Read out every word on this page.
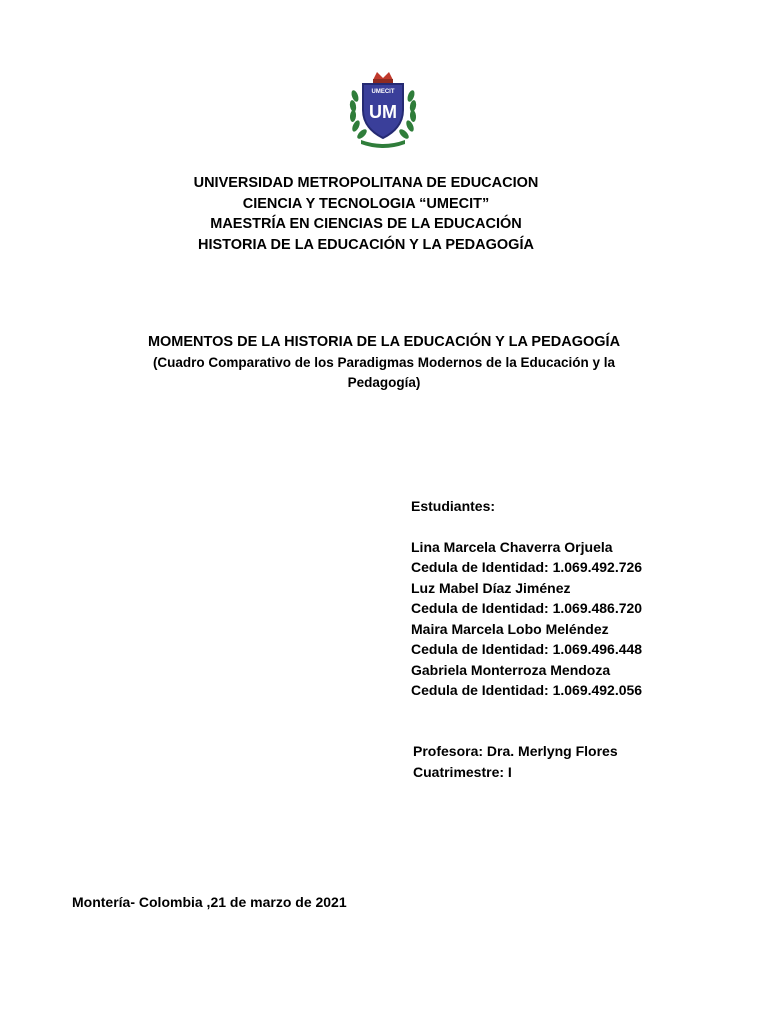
UMECIT
UM
UNIVERSIDAD METROPOLITANA DE EDUCACION
CIENCIA Y TECNOLOGIA “UMECIT”
MAESTRÍA EN CIENCIAS DE LA EDUCACIÓN
HISTORIA DE LA EDUCACIÓN Y LA PEDAGOGÍA
MOMENTOS DE LA HISTORIA DE LA EDUCACIÓN Y LA PEDAGOGÍA
(Cuadro Comparativo de los Paradigmas Modernos de la Educación y la
Pedagogía)
Estudiantes:
Lina Marcela Chaverra Orjuela
Cedula de Identidad: 1.069.492.726
Luz Mabel Díaz Jiménez
Cedula de Identidad: 1.069.486.720
Maira Marcela Lobo Meléndez
Cedula de Identidad: 1.069.496.448
Gabriela Monterroza Mendoza
Cedula de Identidad: 1.069.492.056
Profesora: Dra. Merlyng Flores
Cuatrimestre: I
Montería- Colombia ,21 de marzo de 2021
